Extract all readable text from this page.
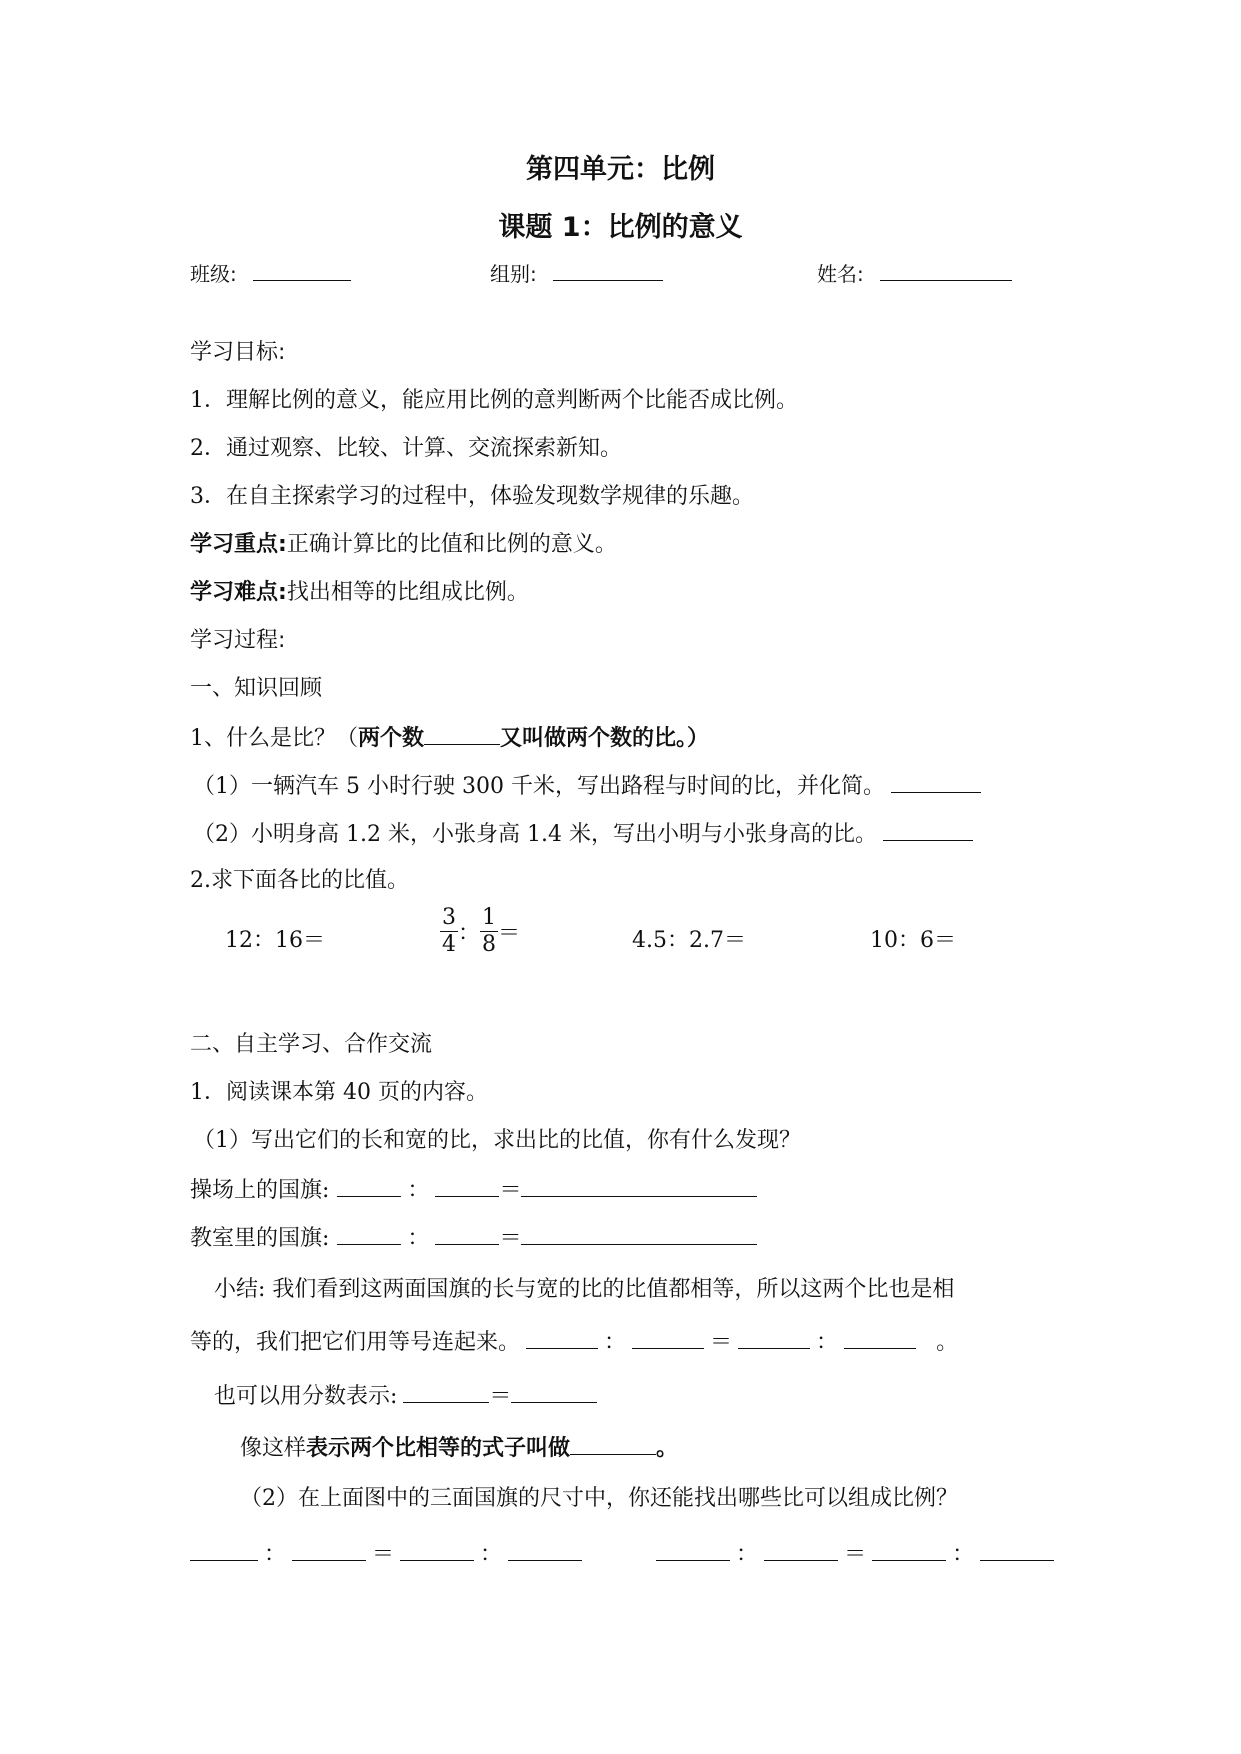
第四单元：比例
课题 1：比例的意义
班级:	组别:	姓名:
学习目标:
1．理解比例的意义，能应用比例的意判断两个比能否成比例。
2．通过观察、比较、计算、交流探索新知。
3．在自主探索学习的过程中，体验发现数学规律的乐趣。
学习重点:正确计算比的比值和比例的意义。
学习难点:找出相等的比组成比例。
学习过程:
一、知识回顾
1、什么是比？（两个数	又叫做两个数的比。）
（1）一辆汽车 5 小时行驶 300 千米，写出路程与时间的比，并化简。
（2）小明身高 1.2 米，小张身高 1.4 米，写出小明与小张身高的比。
2.求下面各比的比值。
12：16＝	$\frac{3}{4}$ ： $\frac{1}{8}$ ＝	4.5：2.7＝	10：6＝
二、自主学习、合作交流
1．阅读课本第 40 页的内容。
（1）写出它们的长和宽的比，求出比的比值，你有什么发现？
操场上的国旗:	：	＝
教室里的国旗:	：	＝
小结: 我们看到这两面国旗的长与宽的比的比值都相等，所以这两个比也是相
等的，我们把它们用等号连起来。	：	＝	：	。
也可以用分数表示:	＝
像这样表示两个比相等的式子叫做	。
（2）在上面图中的三面国旗的尺寸中，你还能找出哪些比可以组成比例？
：	＝	：	：	＝	：
